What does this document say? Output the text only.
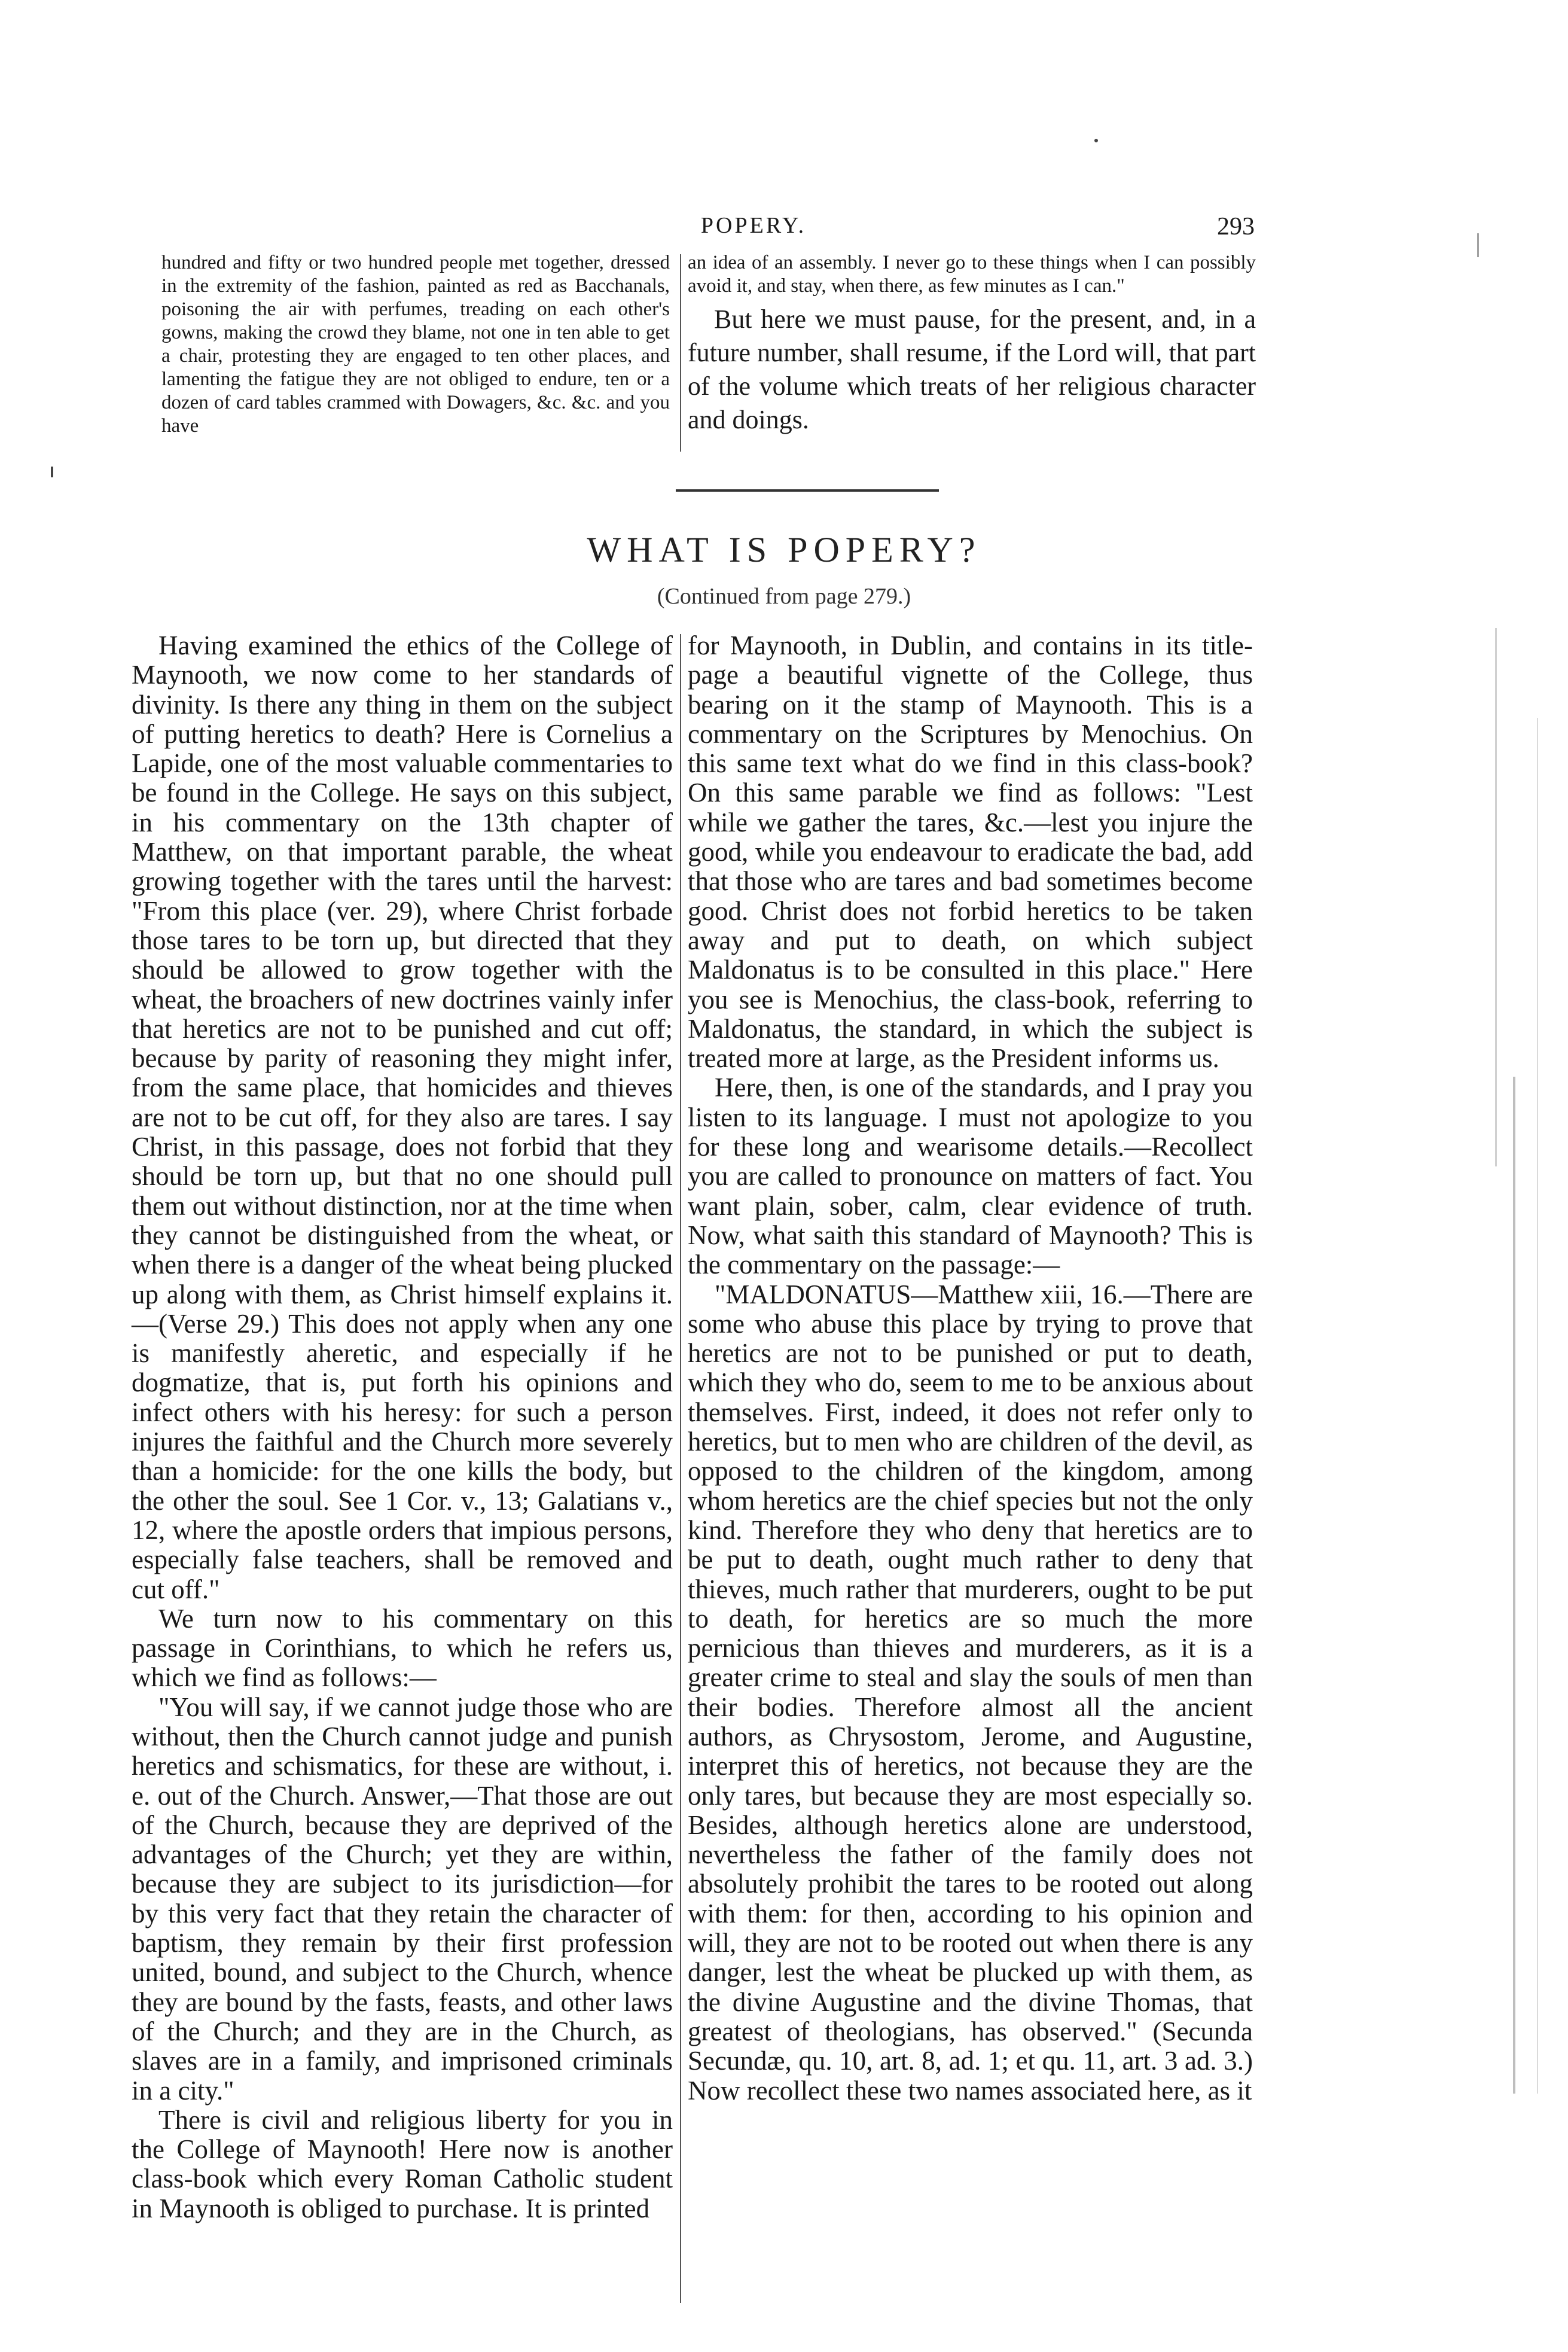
POPERY.	293

hundred and fifty or two hundred people met together, dressed in the extremity of the fashion, painted as red as Bacchanals, poisoning the air with perfumes, treading on each other's gowns, making the crowd they blame, not one in ten able to get a chair, protesting they are engaged to ten other places, and lamenting the fatigue they are not obliged to endure, ten or a dozen of card tables crammed with Dowagers, &c. &c. and you have

an idea of an assembly. I never go to these things when I can possibly avoid it, and stay, when there, as few minutes as I can."

But here we must pause, for the present, and, in a future number, shall resume, if the Lord will, that part of the volume which treats of her religious character and doings.

WHAT IS POPERY?
(Continued from page 279.)

Having examined the ethics of the College of Maynooth, we now come to her standards of divinity. Is there any thing in them on the subject of putting heretics to death? Here is Cornelius a Lapide, one of the most valuable commentaries to be found in the College. He says on this subject, in his commentary on the 13th chapter of Matthew, on that important parable, the wheat growing together with the tares until the harvest: "From this place (ver. 29), where Christ forbade those tares to be torn up, but directed that they should be allowed to grow together with the wheat, the broachers of new doctrines vainly infer that heretics are not to be punished and cut off; because by parity of reasoning they might infer, from the same place, that homicides and thieves are not to be cut off, for they also are tares. I say Christ, in this passage, does not forbid that they should be torn up, but that no one should pull them out without distinction, nor at the time when they cannot be distinguished from the wheat, or when there is a danger of the wheat being plucked up along with them, as Christ himself explains it.—(Verse 29.) This does not apply when any one is manifestly aheretic, and especially if he dogmatize, that is, put forth his opinions and infect others with his heresy: for such a person injures the faithful and the Church more severely than a homicide: for the one kills the body, but the other the soul. See 1 Cor. v., 13; Galatians v., 12, where the apostle orders that impious persons, especially false teachers, shall be removed and cut off."

We turn now to his commentary on this passage in Corinthians, to which he refers us, which we find as follows:—

"You will say, if we cannot judge those who are without, then the Church cannot judge and punish heretics and schismatics, for these are without, i. e. out of the Church. Answer,—That those are out of the Church, because they are deprived of the advantages of the Church; yet they are within, because they are subject to its jurisdiction—for by this very fact that they retain the character of baptism, they remain by their first profession united, bound, and subject to the Church, whence they are bound by the fasts, feasts, and other laws of the Church; and they are in the Church, as slaves are in a family, and imprisoned criminals in a city."

There is civil and religious liberty for you in the College of Maynooth! Here now is another class-book which every Roman Catholic student in Maynooth is obliged to purchase. It is printed

for Maynooth, in Dublin, and contains in its title-page a beautiful vignette of the College, thus bearing on it the stamp of Maynooth. This is a commentary on the Scriptures by Menochius. On this same text what do we find in this class-book? On this same parable we find as follows: "Lest while we gather the tares, &c.—lest you injure the good, while you endeavour to eradicate the bad, add that those who are tares and bad sometimes become good. Christ does not forbid heretics to be taken away and put to death, on which subject Maldonatus is to be consulted in this place." Here you see is Menochius, the class-book, referring to Maldonatus, the standard, in which the subject is treated more at large, as the President informs us.

Here, then, is one of the standards, and I pray you listen to its language. I must not apologize to you for these long and wearisome details.—Recollect you are called to pronounce on matters of fact. You want plain, sober, calm, clear evidence of truth. Now, what saith this standard of Maynooth? This is the commentary on the passage:—

"MALDONATUS—Matthew xiii, 16.—There are some who abuse this place by trying to prove that heretics are not to be punished or put to death, which they who do, seem to me to be anxious about themselves. First, indeed, it does not refer only to heretics, but to men who are children of the devil, as opposed to the children of the kingdom, among whom heretics are the chief species but not the only kind. Therefore they who deny that heretics are to be put to death, ought much rather to deny that thieves, much rather that murderers, ought to be put to death, for heretics are so much the more pernicious than thieves and murderers, as it is a greater crime to steal and slay the souls of men than their bodies. Therefore almost all the ancient authors, as Chrysostom, Jerome, and Augustine, interpret this of heretics, not because they are the only tares, but because they are most especially so. Besides, although heretics alone are understood, nevertheless the father of the family does not absolutely prohibit the tares to be rooted out along with them: for then, according to his opinion and will, they are not to be rooted out when there is any danger, lest the wheat be plucked up with them, as the divine Augustine and the divine Thomas, that greatest of theologians, has observed." (Secunda Secundæ, qu. 10, art. 8, ad. 1; et qu. 11, art. 3 ad. 3.) Now recollect these two names associated here, as it
